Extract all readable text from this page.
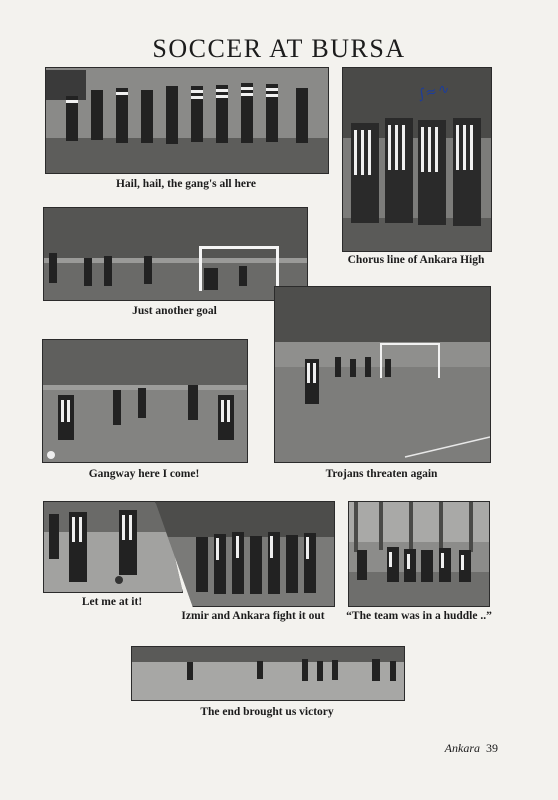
SOCCER AT BURSA
Hail, hail, the gang's all here
∫≈∿
Chorus line of Ankara High
Just another goal
Trojans threaten again
Gangway here I come!
Let me at it!
Izmir and Ankara fight it out	“The team was in a huddle ..”
The end brought us victory
Ankara 39
